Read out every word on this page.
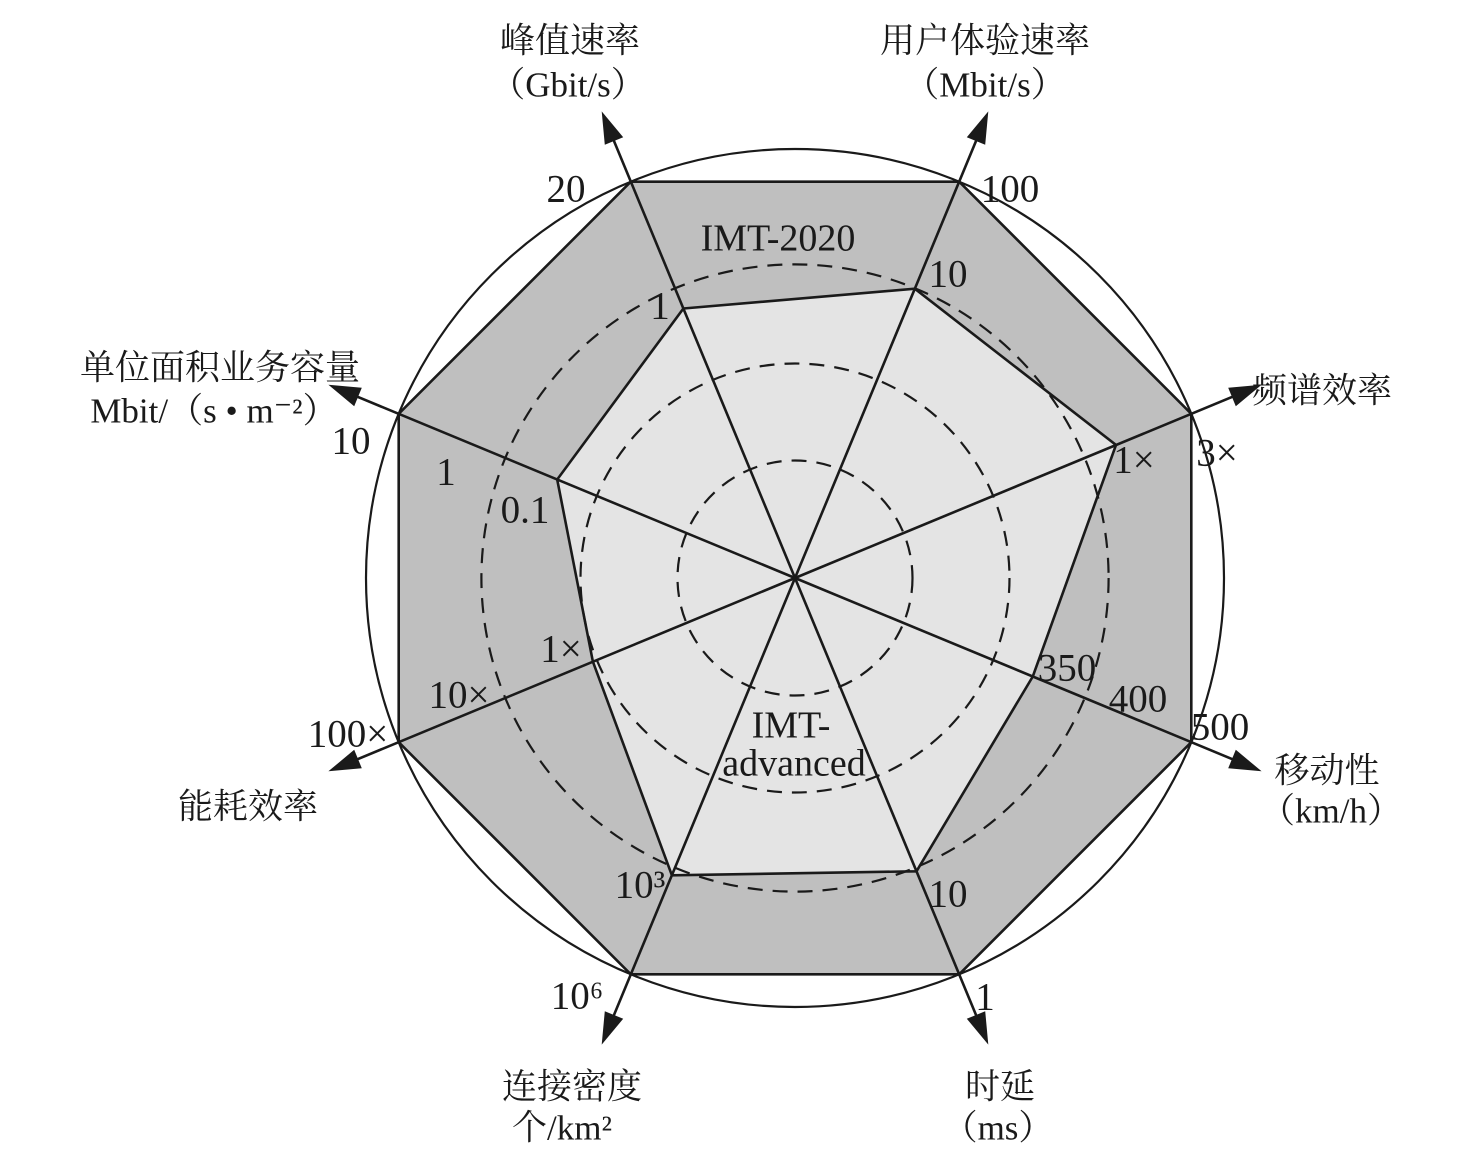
20
1
100
10
3×
1×
500
400
350
1
10
10⁶
10³
100×
10×
1×
10
1
0.1
峰值速率
（Gbit/s）
用户体验速率
（Mbit/s）
频谱效率
移动性
（km/h）
时延
（ms）
连接密度
个/km²
能耗效率
单位面积业务容量
Mbit/（s • m⁻²）
IMT-2020
IMT-
advanced
